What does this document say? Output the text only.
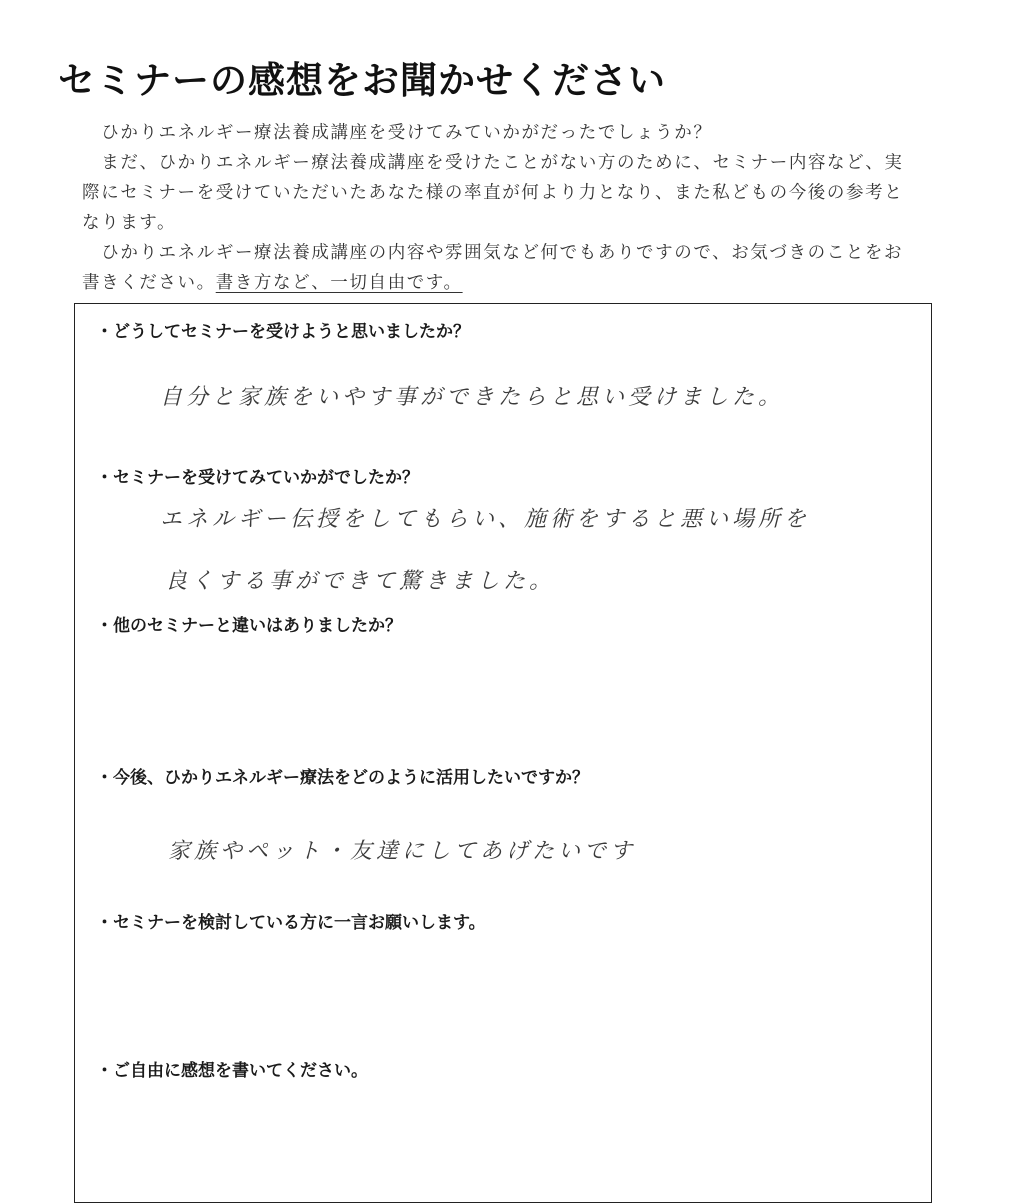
セミナーの感想をお聞かせください

ひかりエネルギー療法養成講座を受けてみていかがだったでしょうか？

まだ、ひかりエネルギー療法養成講座を受けたことがない方のために、セミナー内容など、実際にセミナーを受けていただいたあなた様の率直が何より力となり、また私どもの今後の参考となります。

ひかりエネルギー療法養成講座の内容や雰囲気など何でもありですので、お気づきのことをお書きください。書き方など、一切自由です。

・どうしてセミナーを受けようと思いましたか？
自分と家族をいやす事ができたらと思い受けました。
・セミナーを受けてみていかがでしたか？
エネルギー伝授をしてもらい、施術をすると悪い場所を
良くする事ができて驚きました。
・他のセミナーと違いはありましたか？
・今後、ひかりエネルギー療法をどのように活用したいですか？
家族やペット・友達にしてあげたいです
・セミナーを検討している方に一言お願いします。
・ご自由に感想を書いてください。
